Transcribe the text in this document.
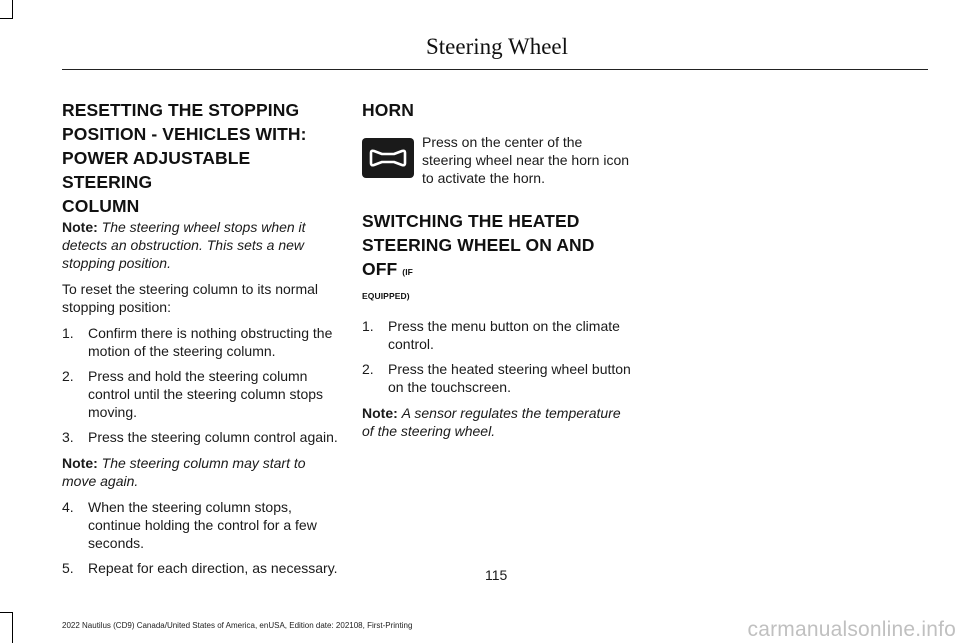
Steering Wheel
RESETTING THE STOPPING
POSITION - VEHICLES WITH:
POWER ADJUSTABLE STEERING
COLUMN

Note: The steering wheel stops when it detects an obstruction. This sets a new stopping position.

To reset the steering column to its normal stopping position:

1. Confirm there is nothing obstructing the motion of the steering column.
2. Press and hold the steering column control until the steering column stops moving.
3. Press the steering column control again.

Note: The steering column may start to move again.

4. When the steering column stops, continue holding the control for a few seconds.
5. Repeat for each direction, as necessary.
HORN
Press on the center of the steering wheel near the horn icon to activate the horn.
SWITCHING THE HEATED
STEERING WHEEL ON AND OFF (IF
EQUIPPED)
1. Press the menu button on the climate control.
2. Press the heated steering wheel button on the touchscreen.

Note: A sensor regulates the temperature of the steering wheel.

115
2022 Nautilus (CD9) Canada/United States of America, enUSA, Edition date: 202108, First-Printing	carmanualsonline.info
